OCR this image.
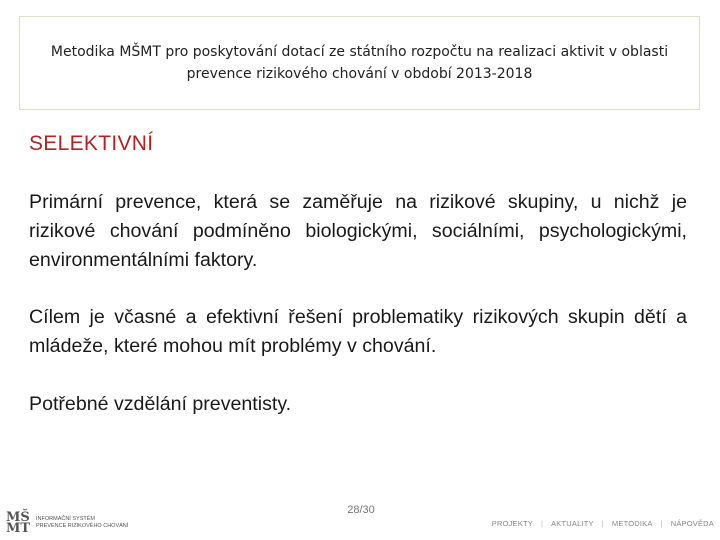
Metodika MŠMT pro poskytování dotací ze státního rozpočtu na realizaci aktivit v oblasti prevence rizikového chování v období 2013-2018
SELEKTIVNÍ
Primární prevence, která se zaměřuje na rizikové skupiny, u nichž je rizikové chování podmíněno biologickými, sociálními, psychologickými, environmentálními faktory.
Cílem je včasné a efektivní řešení problematiky rizikových skupin dětí a mládeže, které mohou mít problémy v chování.
Potřebné vzdělání preventisty.
28/30
MŠ
MT
INFORMAČNÍ SYSTÉM
PREVENCE RIZIKOVÉHO CHOVÁNÍ	PROJEKTY | AKTUALITY | METODIKA | NÁPOVĚDA
